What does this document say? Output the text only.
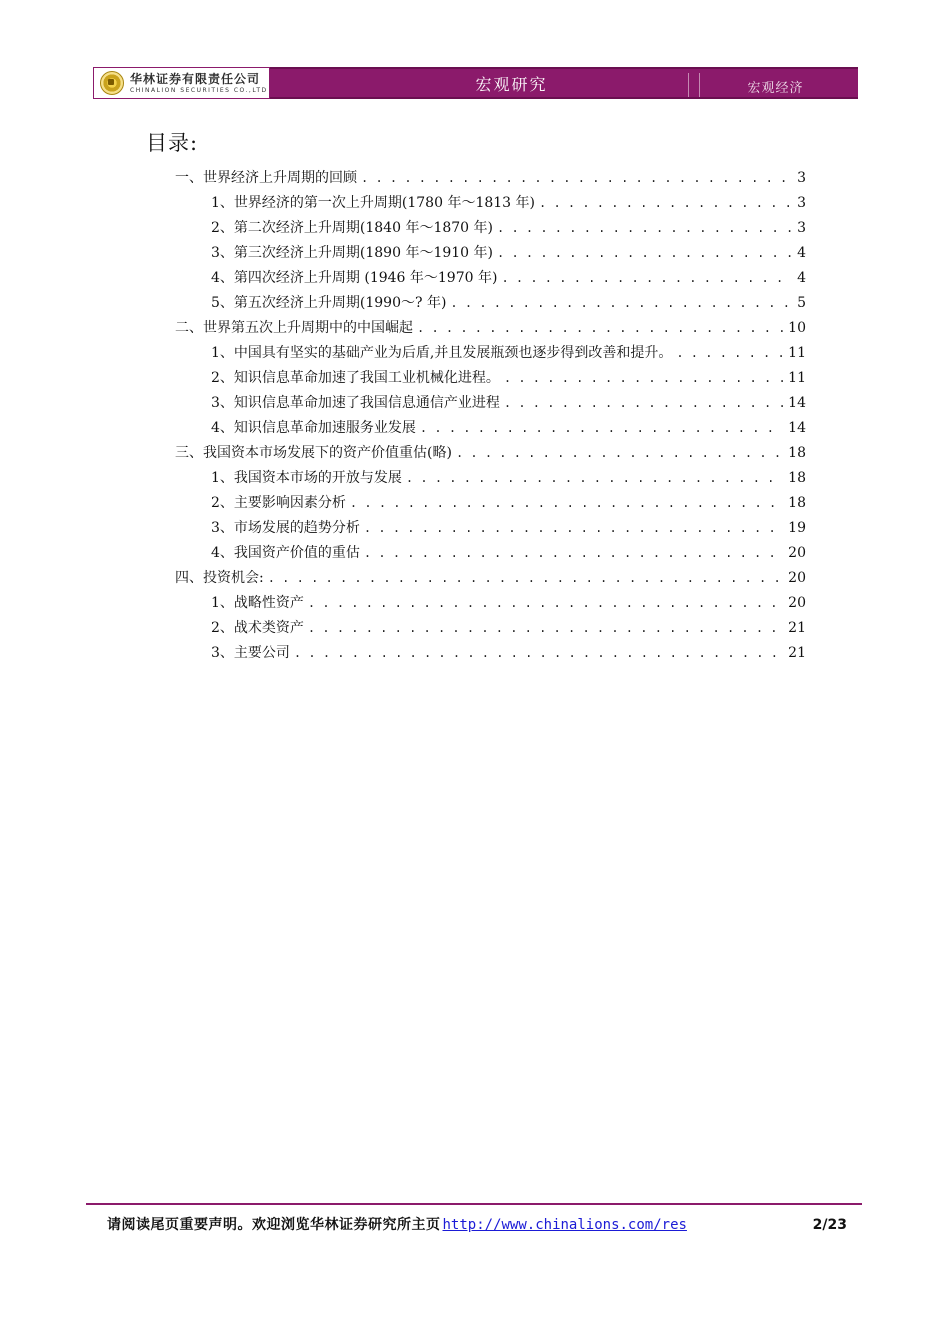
华林证券有限责任公司
CHINALION SECURITIES CO.,LTD	宏观研究	宏观经济
目录:
一、世界经济上升周期的回顾 . . .	3
1、世界经济的第一次上升周期(1780 年～1813 年) . . .	3
2、第二次经济上升周期(1840 年～1870 年) . . .	3
3、第三次经济上升周期(1890 年～1910 年) . . .	4
4、第四次经济上升周期 (1946 年～1970 年) . . .	4
5、第五次经济上升周期(1990～? 年) . . .	5
二、世界第五次上升周期中的中国崛起 . . .	10
1、中国具有坚实的基础产业为后盾,并且发展瓶颈也逐步得到改善和提升。 . . .	11
2、知识信息革命加速了我国工业机械化进程。 . . .	11
3、知识信息革命加速了我国信息通信产业进程 . . .	14
4、知识信息革命加速服务业发展 . . .	14
三、我国资本市场发展下的资产价值重估(略) . . .	18
1、我国资本市场的开放与发展 . . .	18
2、主要影响因素分析 . . .	18
3、市场发展的趋势分析 . . .	19
4、我国资产价值的重估 . . .	20
四、投资机会: . . .	20
1、战略性资产 . . .	20
2、战术类资产 . . .	21
3、主要公司 . . .	21
请阅读尾页重要声明。欢迎浏览华林证券研究所主页 http://www.chinalions.com/res	2/23
